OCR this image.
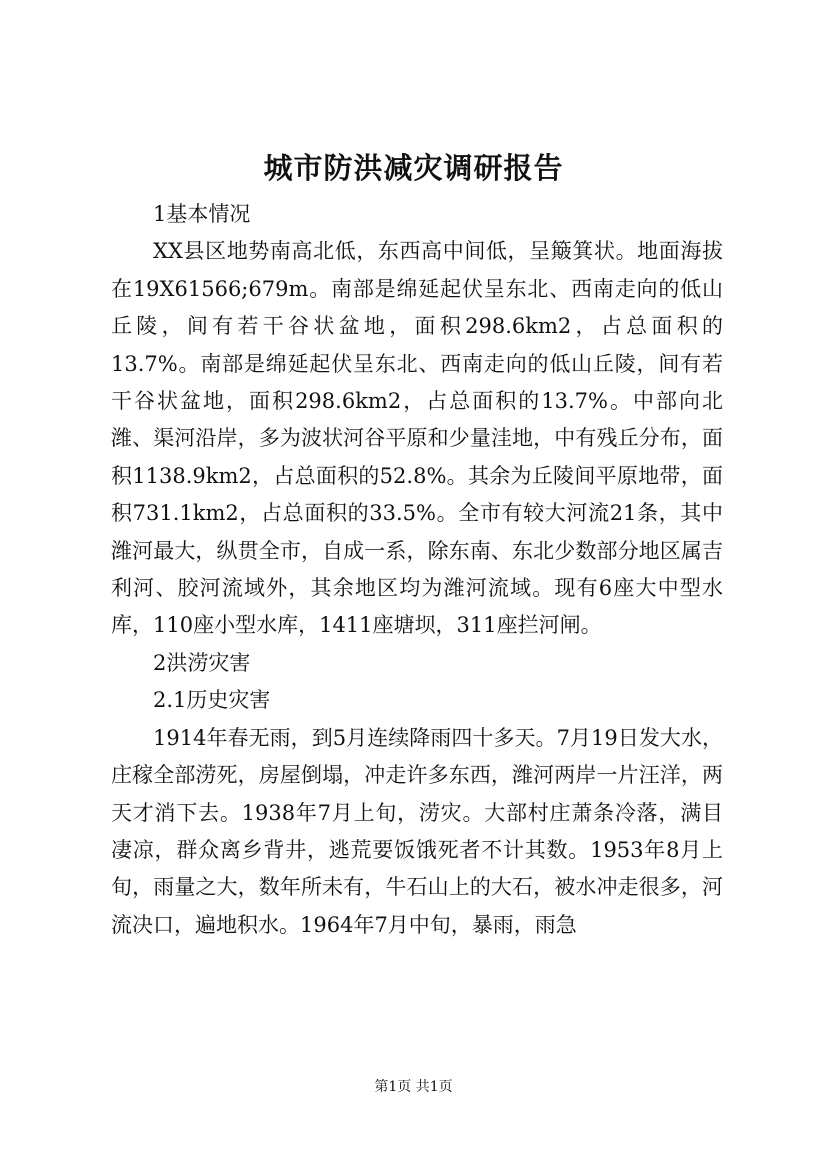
城市防洪减灾调研报告

1基本情况

XX县区地势南高北低，东西高中间低，呈簸箕状。地面海拔在19X61566;679m。南部是绵延起伏呈东北、西南走向的低山丘陵，间有若干谷状盆地，面积298.6km2，占总面积的13.7%。南部是绵延起伏呈东北、西南走向的低山丘陵，间有若干谷状盆地，面积298.6km2，占总面积的13.7%。中部向北潍、渠河沿岸，多为波状河谷平原和少量洼地，中有残丘分布，面积1138.9km2，占总面积的52.8%。其余为丘陵间平原地带，面积731.1km2，占总面积的33.5%。全市有较大河流21条，其中潍河最大，纵贯全市，自成一系，除东南、东北少数部分地区属吉利河、胶河流域外，其余地区均为潍河流域。现有6座大中型水库，110座小型水库，1411座塘坝，311座拦河闸。

2洪涝灾害

2.1历史灾害

1914年春无雨，到5月连续降雨四十多天。7月19日发大水，庄稼全部涝死，房屋倒塌，冲走许多东西，潍河两岸一片汪洋，两天才消下去。1938年7月上旬，涝灾。大部村庄萧条冷落，满目凄凉，群众离乡背井，逃荒要饭饿死者不计其数。1953年8月上旬，雨量之大，数年所未有，牛石山上的大石，被水冲走很多，河流决口，遍地积水。1964年7月中旬，暴雨，雨急

第1页 共1页
